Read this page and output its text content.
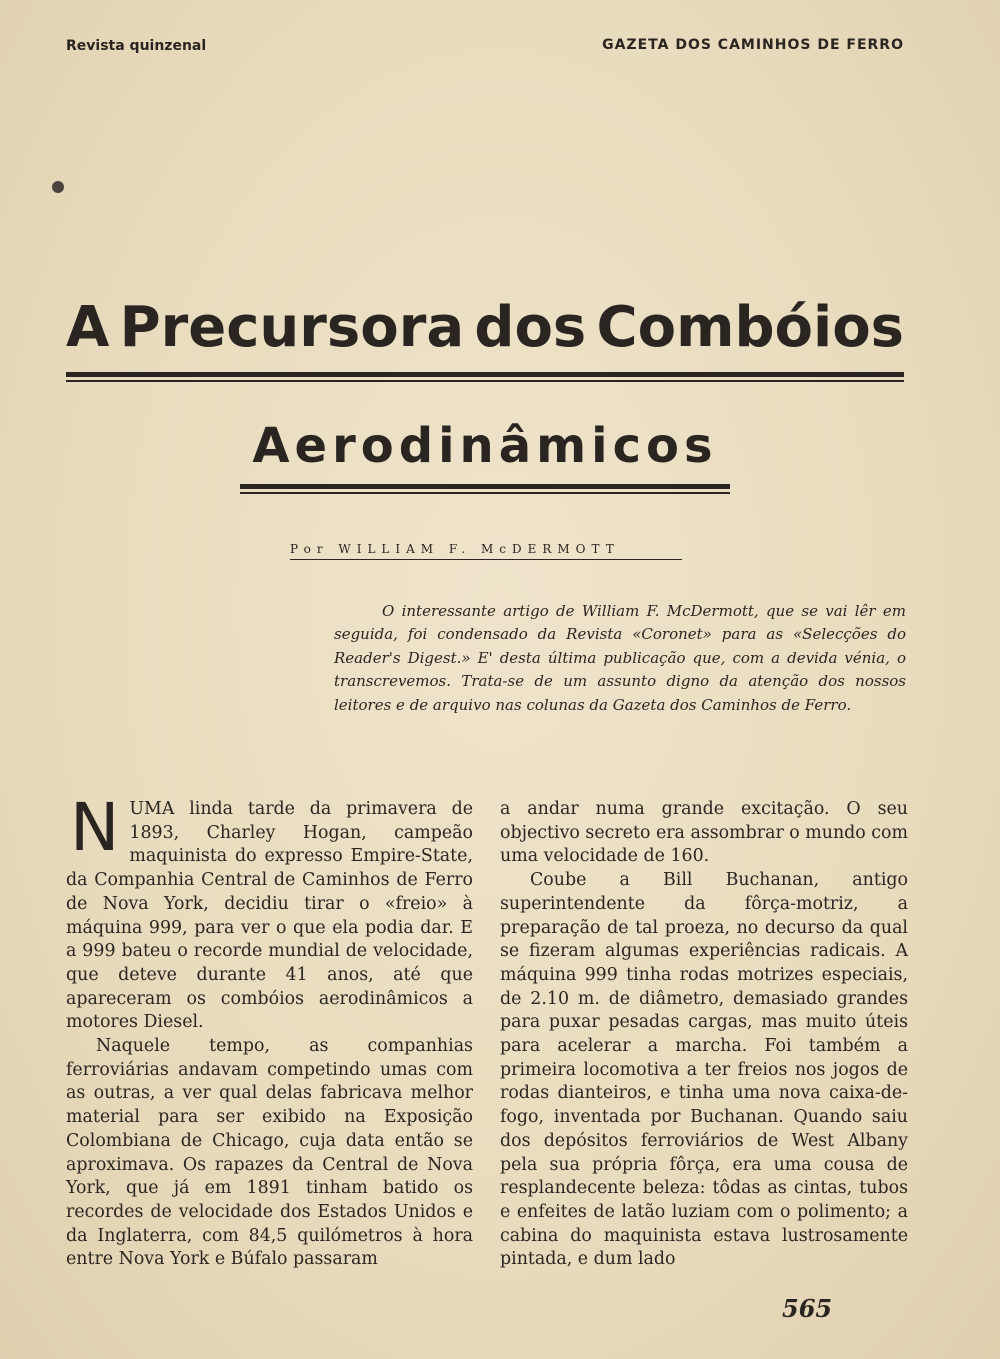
Revista quinzenal	GAZETA DOS CAMINHOS DE FERRO
A Precursora dos Combóios
Aerodinâmicos
Por WILLIAM F. McDERMOTT
O interessante artigo de William F. McDermott, que se vai lêr em seguida, foi condensado da Revista «Coronet» para as «Selecções do Reader's Digest.» E' desta última publicação que, com a devida vénia, o transcrevemos. Trata-se de um assunto digno da atenção dos nossos leitores e de arquivo nas colunas da Gazeta dos Caminhos de Ferro.

NUMA linda tarde da primavera de 1893, Charley Hogan, campeão maquinista do expresso Empire-State, da Companhia Central de Caminhos de Ferro de Nova York, decidiu tirar o «freio» à máquina 999, para ver o que ela podia dar. E a 999 bateu o recorde mundial de velocidade, que deteve durante 41 anos, até que apareceram os combóios aerodinâmicos a motores Diesel.

Naquele tempo, as companhias ferroviárias andavam competindo umas com as outras, a ver qual delas fabricava melhor material para ser exibido na Exposição Colombiana de Chicago, cuja data então se aproximava. Os rapazes da Central de Nova York, que já em 1891 tinham batido os recordes de velocidade dos Estados Unidos e da Inglaterra, com 84,5 quilómetros à hora entre Nova York e Búfalo passaram

a andar numa grande excitação. O seu objectivo secreto era assombrar o mundo com uma velocidade de 160.

Coube a Bill Buchanan, antigo superintendente da fôrça-motriz, a preparação de tal proeza, no decurso da qual se fizeram algumas experiências radicais. A máquina 999 tinha rodas motrizes especiais, de 2.10 m. de diâmetro, demasiado grandes para puxar pesadas cargas, mas muito úteis para acelerar a marcha. Foi também a primeira locomotiva a ter freios nos jogos de rodas dianteiros, e tinha uma nova caixa-de-fogo, inventada por Buchanan. Quando saiu dos depósitos ferroviários de West Albany pela sua própria fôrça, era uma cousa de resplandecente beleza: tôdas as cintas, tubos e enfeites de latão luziam com o polimento; a cabina do maquinista estava lustrosamente pintada, e dum lado

565
